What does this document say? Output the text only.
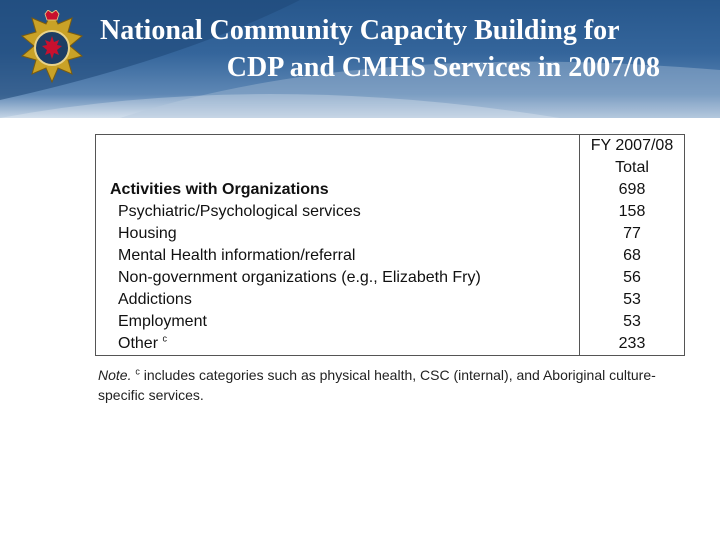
National Community Capacity Building for
CDP and CMHS Services in 2007/08
	FY 2007/08
	Total
Activities with Organizations	698
Psychiatric/Psychological services	158
Housing	77
Mental Health information/referral	68
Non-government organizations (e.g., Elizabeth Fry)	56
Addictions	53
Employment	53
Other $^c$	233

Note. $^c$ includes categories such as physical health, CSC (internal), and Aboriginal culture-specific services.
